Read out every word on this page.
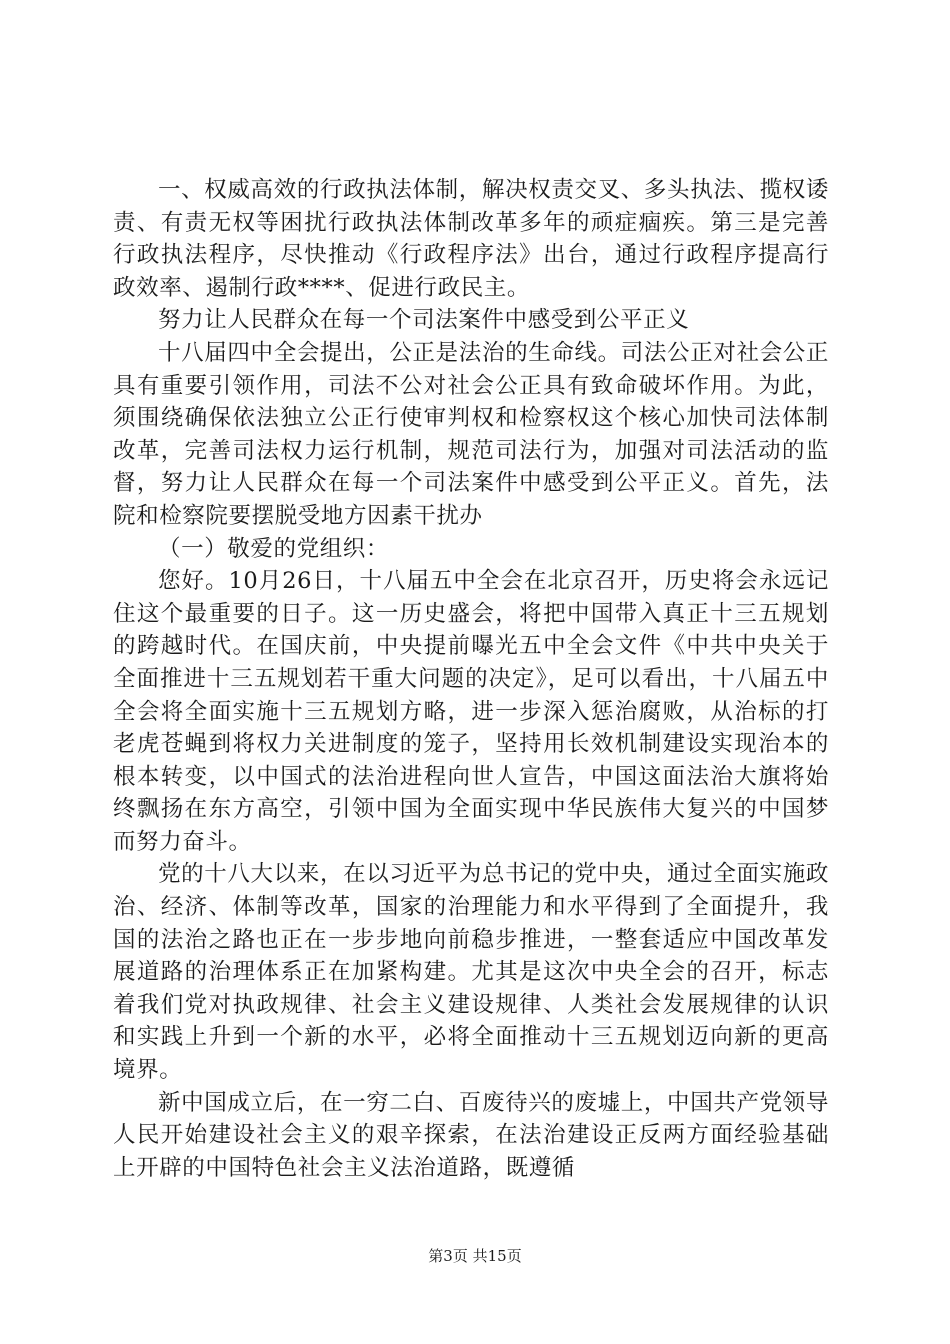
一、权威高效的行政执法体制，解决权责交叉、多头执法、揽权诿责、有责无权等困扰行政执法体制改革多年的顽症痼疾。第三是完善行政执法程序，尽快推动《行政程序法》出台，通过行政程序提高行政效率、遏制行政****、促进行政民主。

努力让人民群众在每一个司法案件中感受到公平正义

十八届四中全会提出，公正是法治的生命线。司法公正对社会公正具有重要引领作用，司法不公对社会公正具有致命破坏作用。为此，须围绕确保依法独立公正行使审判权和检察权这个核心加快司法体制改革，完善司法权力运行机制，规范司法行为，加强对司法活动的监督，努力让人民群众在每一个司法案件中感受到公平正义。首先，法院和检察院要摆脱受地方因素干扰办

（一）敬爱的党组织：

您好。10月26日，十八届五中全会在北京召开，历史将会永远记住这个最重要的日子。这一历史盛会，将把中国带入真正十三五规划的跨越时代。在国庆前，中央提前曝光五中全会文件《中共中央关于全面推进十三五规划若干重大问题的决定》，足可以看出，十八届五中全会将全面实施十三五规划方略，进一步深入惩治腐败，从治标的打老虎苍蝇到将权力关进制度的笼子，坚持用长效机制建设实现治本的根本转变，以中国式的法治进程向世人宣告，中国这面法治大旗将始终飘扬在东方高空，引领中国为全面实现中华民族伟大复兴的中国梦而努力奋斗。

党的十八大以来，在以习近平为总书记的党中央，通过全面实施政治、经济、体制等改革，国家的治理能力和水平得到了全面提升，我国的法治之路也正在一步步地向前稳步推进，一整套适应中国改革发展道路的治理体系正在加紧构建。尤其是这次中央全会的召开，标志着我们党对执政规律、社会主义建设规律、人类社会发展规律的认识和实践上升到一个新的水平，必将全面推动十三五规划迈向新的更高境界。

新中国成立后，在一穷二白、百废待兴的废墟上，中国共产党领导人民开始建设社会主义的艰辛探索，在法治建设正反两方面经验基础上开辟的中国特色社会主义法治道路，既遵循

第3页 共15页
